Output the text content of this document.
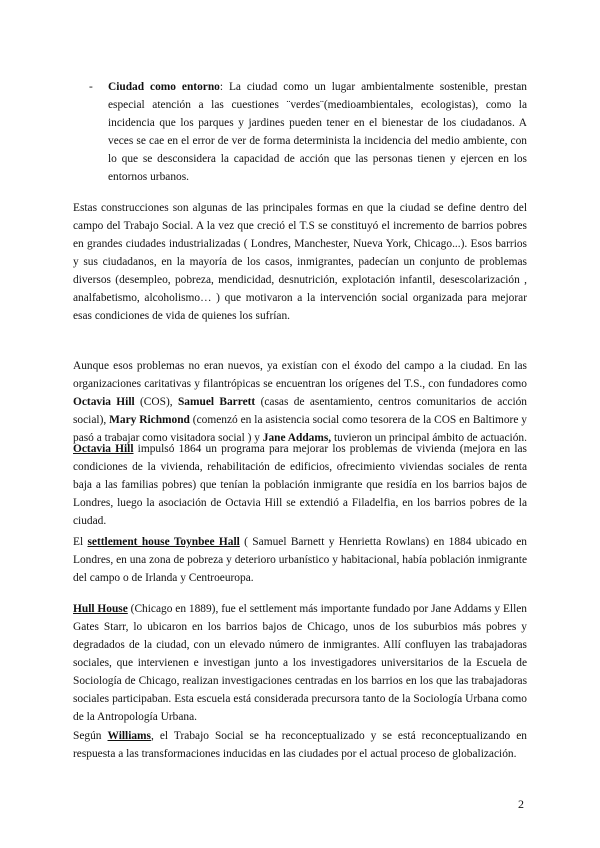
- Ciudad como entorno: La ciudad como un lugar ambientalmente sostenible, prestan especial atención a las cuestiones ¨verdes¨(medioambientales, ecologistas), como la incidencia que los parques y jardines pueden tener en el bienestar de los ciudadanos. A veces se cae en el error de ver de forma determinista la incidencia del medio ambiente, con lo que se desconsidera la capacidad de acción que las personas tienen y ejercen en los entornos urbanos.

Estas construcciones son algunas de las principales formas en que la ciudad se define dentro del campo del Trabajo Social. A la vez que creció el T.S se constituyó el incremento de barrios pobres en grandes ciudades industrializadas ( Londres, Manchester, Nueva York, Chicago...). Esos barrios y sus ciudadanos, en la mayoría de los casos, inmigrantes, padecían un conjunto de problemas diversos (desempleo, pobreza, mendicidad, desnutrición, explotación infantil, desescolarización , analfabetismo, alcoholismo… ) que motivaron a la intervención social organizada para mejorar esas condiciones de vida de quienes los sufrían.

Aunque esos problemas no eran nuevos, ya existían con el éxodo del campo a la ciudad. En las organizaciones caritativas y filantrópicas se encuentran los orígenes del T.S., con fundadores como Octavia Hill (COS), Samuel Barrett (casas de asentamiento, centros comunitarios de acción social), Mary Richmond (comenzó en la asistencia social como tesorera de la COS en Baltimore y pasó a trabajar como visitadora social ) y Jane Addams, tuvieron un principal ámbito de actuación.

Octavia Hill impulsó 1864 un programa para mejorar los problemas de vivienda (mejora en las condiciones de la vivienda, rehabilitación de edificios, ofrecimiento viviendas sociales de renta baja a las familias pobres) que tenían la población inmigrante que residía en los barrios bajos de Londres, luego la asociación de Octavia Hill se extendió a Filadelfia, en los barrios pobres de la ciudad.

El settlement house Toynbee Hall ( Samuel Barnett y Henrietta Rowlans) en 1884 ubicado en Londres, en una zona de pobreza y deterioro urbanístico y habitacional, había población inmigrante del campo o de Irlanda y Centroeuropa.

Hull House (Chicago en 1889), fue el settlement más importante fundado por Jane Addams y Ellen Gates Starr, lo ubicaron en los barrios bajos de Chicago, unos de los suburbios más pobres y degradados de la ciudad, con un elevado número de inmigrantes. Allí confluyen las trabajadoras sociales, que intervienen e investigan junto a los investigadores universitarios de la Escuela de Sociología de Chicago, realizan investigaciones centradas en los barrios en los que las trabajadoras sociales participaban. Esta escuela está considerada precursora tanto de la Sociología Urbana como de la Antropología Urbana.

Según Williams, el Trabajo Social se ha reconceptualizado y se está reconceptualizando en respuesta a las transformaciones inducidas en las ciudades por el actual proceso de globalización.

2
